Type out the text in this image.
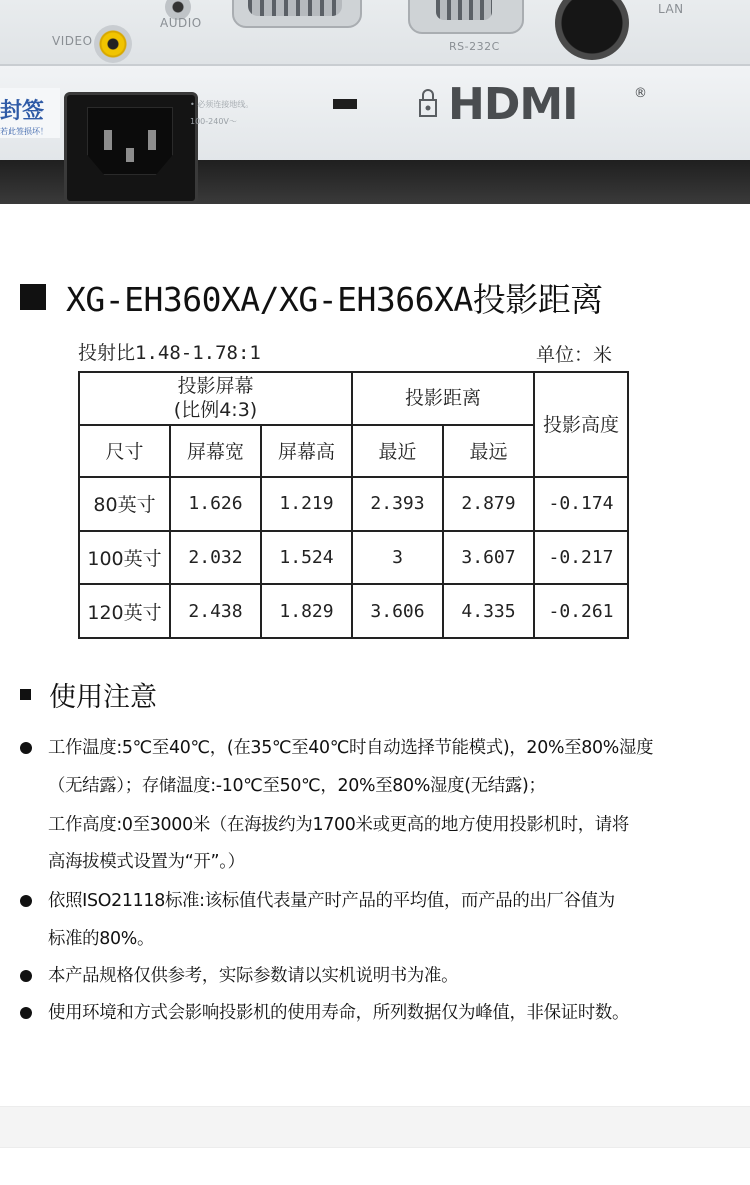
VIDEO
AUDIO
RS-232C
LAN
封签
若此签损坏！
• 必须连接地线。
100-240V～	HDMI	®
XG-EH360XA/XG-EH366XA投影距离
投射比1.48-1.78:1	单位：米
投影屏幕
(比例4:3)			投影距离		投影高度
尺寸	屏幕宽	屏幕高	最近	最远	
80英寸	1.626	1.219	2.393	2.879	-0.174
100英寸	2.032	1.524	3	3.607	-0.217
120英寸	2.438	1.829	3.606	4.335	-0.261
使用注意
工作温度:5℃至40℃，(在35℃至40℃时自动选择节能模式)，20%至80%湿度
（无结露）；存储温度:-10℃至50℃，20%至80%湿度(无结露)；
工作高度:0至3000米（在海拔约为1700米或更高的地方使用投影机时，请将
高海拔模式设置为“开”。）
依照ISO21118标准:该标值代表量产时产品的平均值，而产品的出厂谷值为
标准的80%。
本产品规格仅供参考，实际参数请以实机说明书为准。
使用环境和方式会影响投影机的使用寿命，所列数据仅为峰值，非保证时数。
